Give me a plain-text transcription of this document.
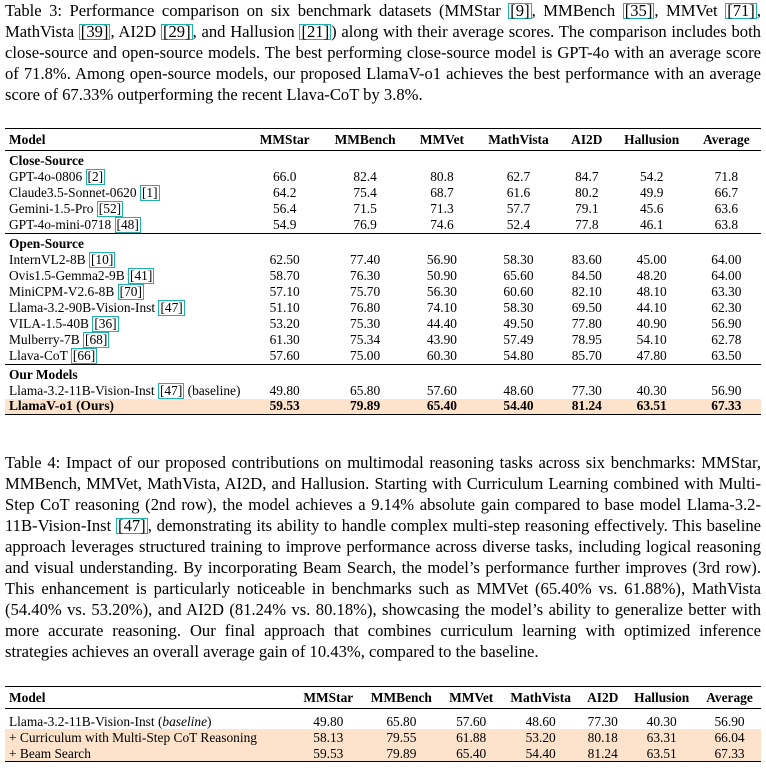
Table 3: Performance comparison on six benchmark datasets (MMStar [9] , MMBench [35] , MMVet [71] , MathVista [39] , AI2D [29] , and Hallusion [21] ) along with their average scores. The comparison includes both close-source and open-source models. The best performing close-source model is GPT-4o with an average score of 71.8%. Among open-source models, our proposed LlamaV-o1 achieves the best performance with an average score of 67.33% outperforming the recent Llava-CoT by 3.8%.
Model	MMStar	MMBench	MMVet	MathVista	AI2D	Hallusion	Average
Close-Source							
GPT-4o-0806 [2]	66.0	82.4	80.8	62.7	84.7	54.2	71.8
Claude3.5-Sonnet-0620 [1]	64.2	75.4	68.7	61.6	80.2	49.9	66.7
Gemini-1.5-Pro [52]	56.4	71.5	71.3	57.7	79.1	45.6	63.6
GPT-4o-mini-0718 [48]	54.9	76.9	74.6	52.4	77.8	46.1	63.8
Open-Source							
InternVL2-8B [10]	62.50	77.40	56.90	58.30	83.60	45.00	64.00
Ovis1.5-Gemma2-9B [41]	58.70	76.30	50.90	65.60	84.50	48.20	64.00
MiniCPM-V2.6-8B [70]	57.10	75.70	56.30	60.60	82.10	48.10	63.30
Llama-3.2-90B-Vision-Inst [47]	51.10	76.80	74.10	58.30	69.50	44.10	62.30
VILA-1.5-40B [36]	53.20	75.30	44.40	49.50	77.80	40.90	56.90
Mulberry-7B [68]	61.30	75.34	43.90	57.49	78.95	54.10	62.78
Llava-CoT [66]	57.60	75.00	60.30	54.80	85.70	47.80	63.50
Our Models							
Llama-3.2-11B-Vision-Inst [47] (baseline)	49.80	65.80	57.60	48.60	77.30	40.30	56.90
LlamaV-o1 (Ours)	59.53	79.89	65.40	54.40	81.24	63.51	67.33
Table 4: Impact of our proposed contributions on multimodal reasoning tasks across six benchmarks: MMStar, MMBench, MMVet, MathVista, AI2D, and Hallusion. Starting with Curriculum Learning combined with Multi-Step CoT reasoning (2nd row), the model achieves a 9.14% absolute gain compared to base model Llama-3.2-11B-Vision-Inst [47] , demonstrating its ability to handle complex multi-step reasoning effectively. This baseline approach leverages structured training to improve performance across diverse tasks, including logical reasoning and visual understanding. By incorporating Beam Search, the model’s performance further improves (3rd row). This enhancement is particularly noticeable in benchmarks such as MMVet (65.40% vs. 61.88%), MathVista (54.40% vs. 53.20%), and AI2D (81.24% vs. 80.18%), showcasing the model’s ability to generalize better with more accurate reasoning. Our final approach that combines curriculum learning with optimized inference strategies achieves an overall average gain of 10.43%, compared to the baseline.
Model	MMStar	MMBench	MMVet	MathVista	AI2D	Hallusion	Average
Llama-3.2-11B-Vision-Inst (baseline)	49.80	65.80	57.60	48.60	77.30	40.30	56.90
+ Curriculum with Multi-Step CoT Reasoning	58.13	79.55	61.88	53.20	80.18	63.31	66.04
+ Beam Search	59.53	79.89	65.40	54.40	81.24	63.51	67.33
